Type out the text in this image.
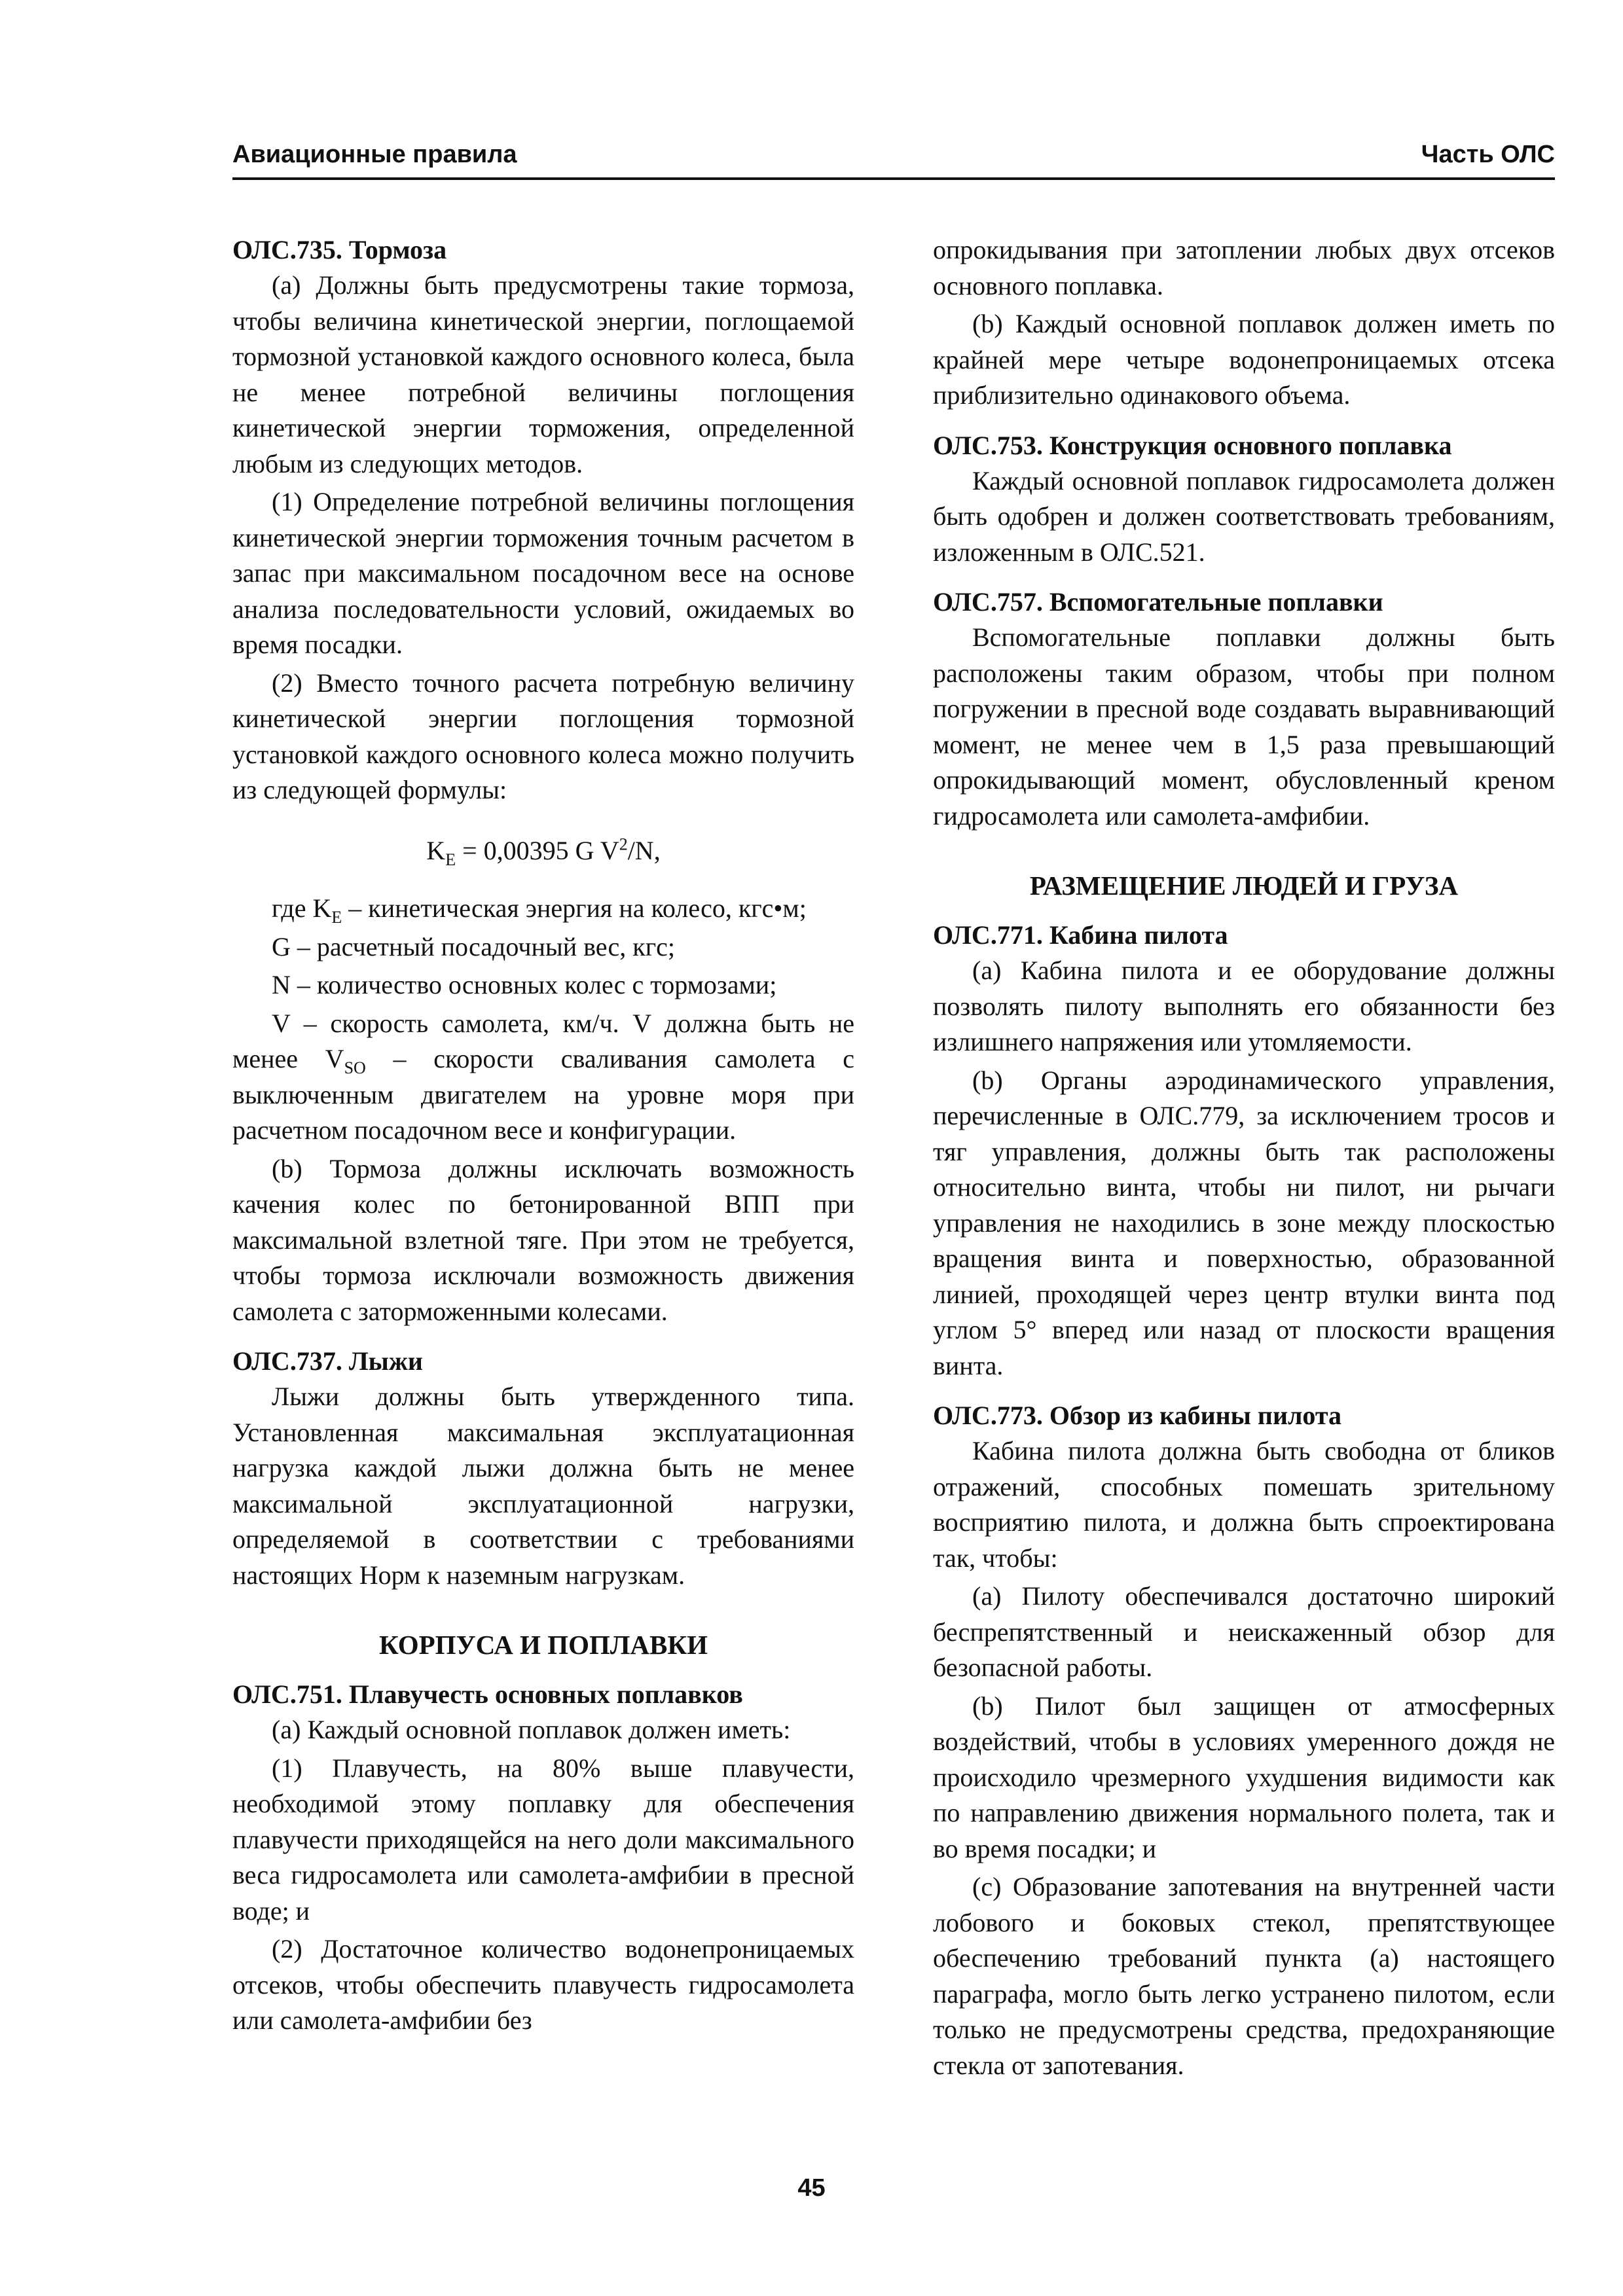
Авиационные правила	Часть ОЛС
ОЛС.735. Тормоза

(a) Должны быть предусмотрены такие тормоза, чтобы величина кинетической энергии, поглощаемой тормозной установкой каждого основного колеса, была не менее потребной величины поглощения кинетической энергии торможения, определенной любым из следующих методов.

(1) Определение потребной величины поглощения кинетической энергии торможения точным расчетом в запас при максимальном посадочном весе на основе анализа последовательности условий, ожидаемых во время посадки.

(2) Вместо точного расчета потребную величину кинетической энергии поглощения тормозной установкой каждого основного колеса можно получить из следующей формулы:

$K_E = 0,00395$ G $V^2/N$,

где $K_E$ – кинетическая энергия на колесо, кгс•м;

G – расчетный посадочный вес, кгс;

N – количество основных колес с тормозами;

V – скорость самолета, км/ч. V должна быть не менее $V_{SO}$ – скорости сваливания самолета с выключенным двигателем на уровне моря при расчетном посадочном весе и конфигурации.

(b) Тормоза должны исключать возможность качения колес по бетонированной ВПП при максимальной взлетной тяге. При этом не требуется, чтобы тормоза исключали возможность движения самолета с заторможенными колесами.

ОЛС.737. Лыжи

Лыжи должны быть утвержденного типа. Установленная максимальная эксплуатационная нагрузка каждой лыжи должна быть не менее максимальной эксплуатационной нагрузки, определяемой в соответствии с требованиями настоящих Норм к наземным нагрузкам.

КОРПУСА И ПОПЛАВКИ
ОЛС.751. Плавучесть основных поплавков

(a) Каждый основной поплавок должен иметь:

(1) Плавучесть, на 80% выше плавучести, необходимой этому поплавку для обеспечения плавучести приходящейся на него доли максимального веса гидросамолета или самолета-амфибии в пресной воде; и

(2) Достаточное количество водонепроницаемых отсеков, чтобы обеспечить плавучесть гидросамолета или самолета-амфибии без

опрокидывания при затоплении любых двух отсеков основного поплавка.

(b) Каждый основной поплавок должен иметь по крайней мере четыре водонепроницаемых отсека приблизительно одинакового объема.

ОЛС.753. Конструкция основного поплавка

Каждый основной поплавок гидросамолета должен быть одобрен и должен соответствовать требованиям, изложенным в ОЛС.521.

ОЛС.757. Вспомогательные поплавки

Вспомогательные поплавки должны быть расположены таким образом, чтобы при полном погружении в пресной воде создавать выравнивающий момент, не менее чем в 1,5 раза превышающий опрокидывающий момент, обусловленный креном гидросамолета или самолета-амфибии.

РАЗМЕЩЕНИЕ ЛЮДЕЙ И ГРУЗА
ОЛС.771. Кабина пилота

(a) Кабина пилота и ее оборудование должны позволять пилоту выполнять его обязанности без излишнего напряжения или утомляемости.

(b) Органы аэродинамического управления, перечисленные в ОЛС.779, за исключением тросов и тяг управления, должны быть так расположены относительно винта, чтобы ни пилот, ни рычаги управления не находились в зоне между плоскостью вращения винта и поверхностью, образованной линией, проходящей через центр втулки винта под углом 5° вперед или назад от плоскости вращения винта.

ОЛС.773. Обзор из кабины пилота

Кабина пилота должна быть свободна от бликов отражений, способных помешать зрительному восприятию пилота, и должна быть спроектирована так, чтобы:

(a) Пилоту обеспечивался достаточно широкий беспрепятственный и неискаженный обзор для безопасной работы.

(b) Пилот был защищен от атмосферных воздействий, чтобы в условиях умеренного дождя не происходило чрезмерного ухудшения видимости как по направлению движения нормального полета, так и во время посадки; и

(c) Образование запотевания на внутренней части лобового и боковых стекол, препятствующее обеспечению требований пункта (a) настоящего параграфа, могло быть легко устранено пилотом, если только не предусмотрены средства, предохраняющие стекла от запотевания.

45
